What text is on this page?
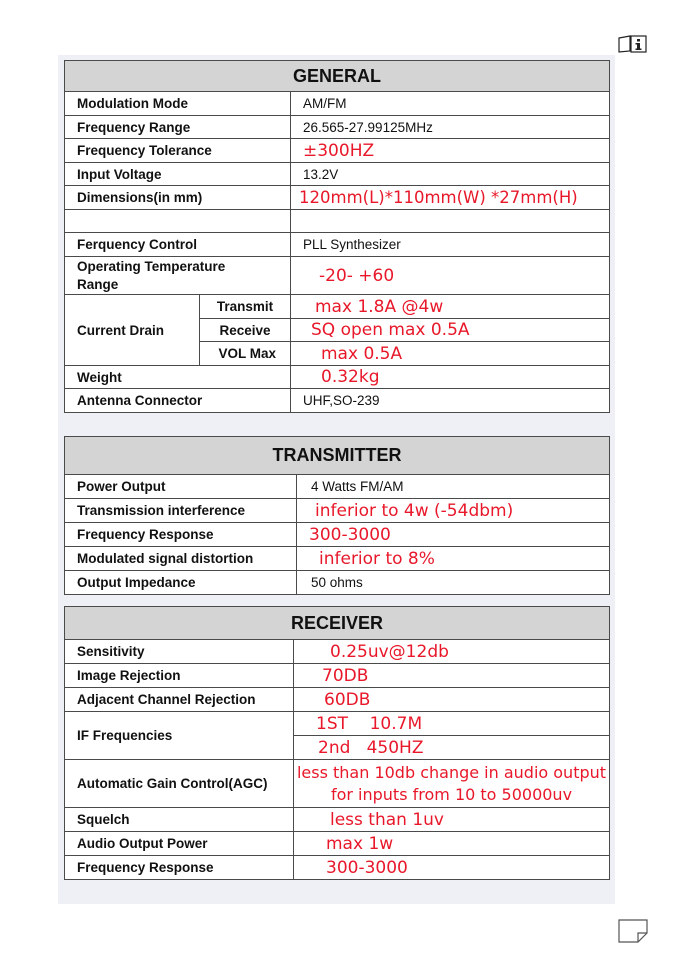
GENERAL		
Modulation Mode		AM/FM
Frequency Range		26.565-27.99125MHz
Frequency Tolerance		±300HZ
Input Voltage		13.2V
Dimensions(in mm)		120mm(L)*110mm(W) *27mm(H)

Ferquency Control		PLL Synthesizer
Operating Temperature Range		-20- +60
Current Drain	Transmit	max 1.8A @4w
	Receive	SQ open max 0.5A
	VOL Max	max 0.5A
Weight		0.32kg
Antenna Connector		UHF,SO-239
TRANSMITTER	
Power Output	4 Watts FM/AM
Transmission interference	inferior to 4w (-54dbm)
Frequency Response	300-3000
Modulated signal distortion	inferior to 8%
Output Impedance	50 ohms
RECEIVER	
Sensitivity	0.25uv@12db
Image Rejection	70DB
Adjacent Channel Rejection	60DB
IF Frequencies	1ST    10.7M
	2nd   450HZ
Automatic Gain Control(AGC)	less than 10db change in audio output for inputs from 10 to 50000uv
Squelch	less than 1uv
Audio Output Power	max 1w
Frequency Response	300-3000
